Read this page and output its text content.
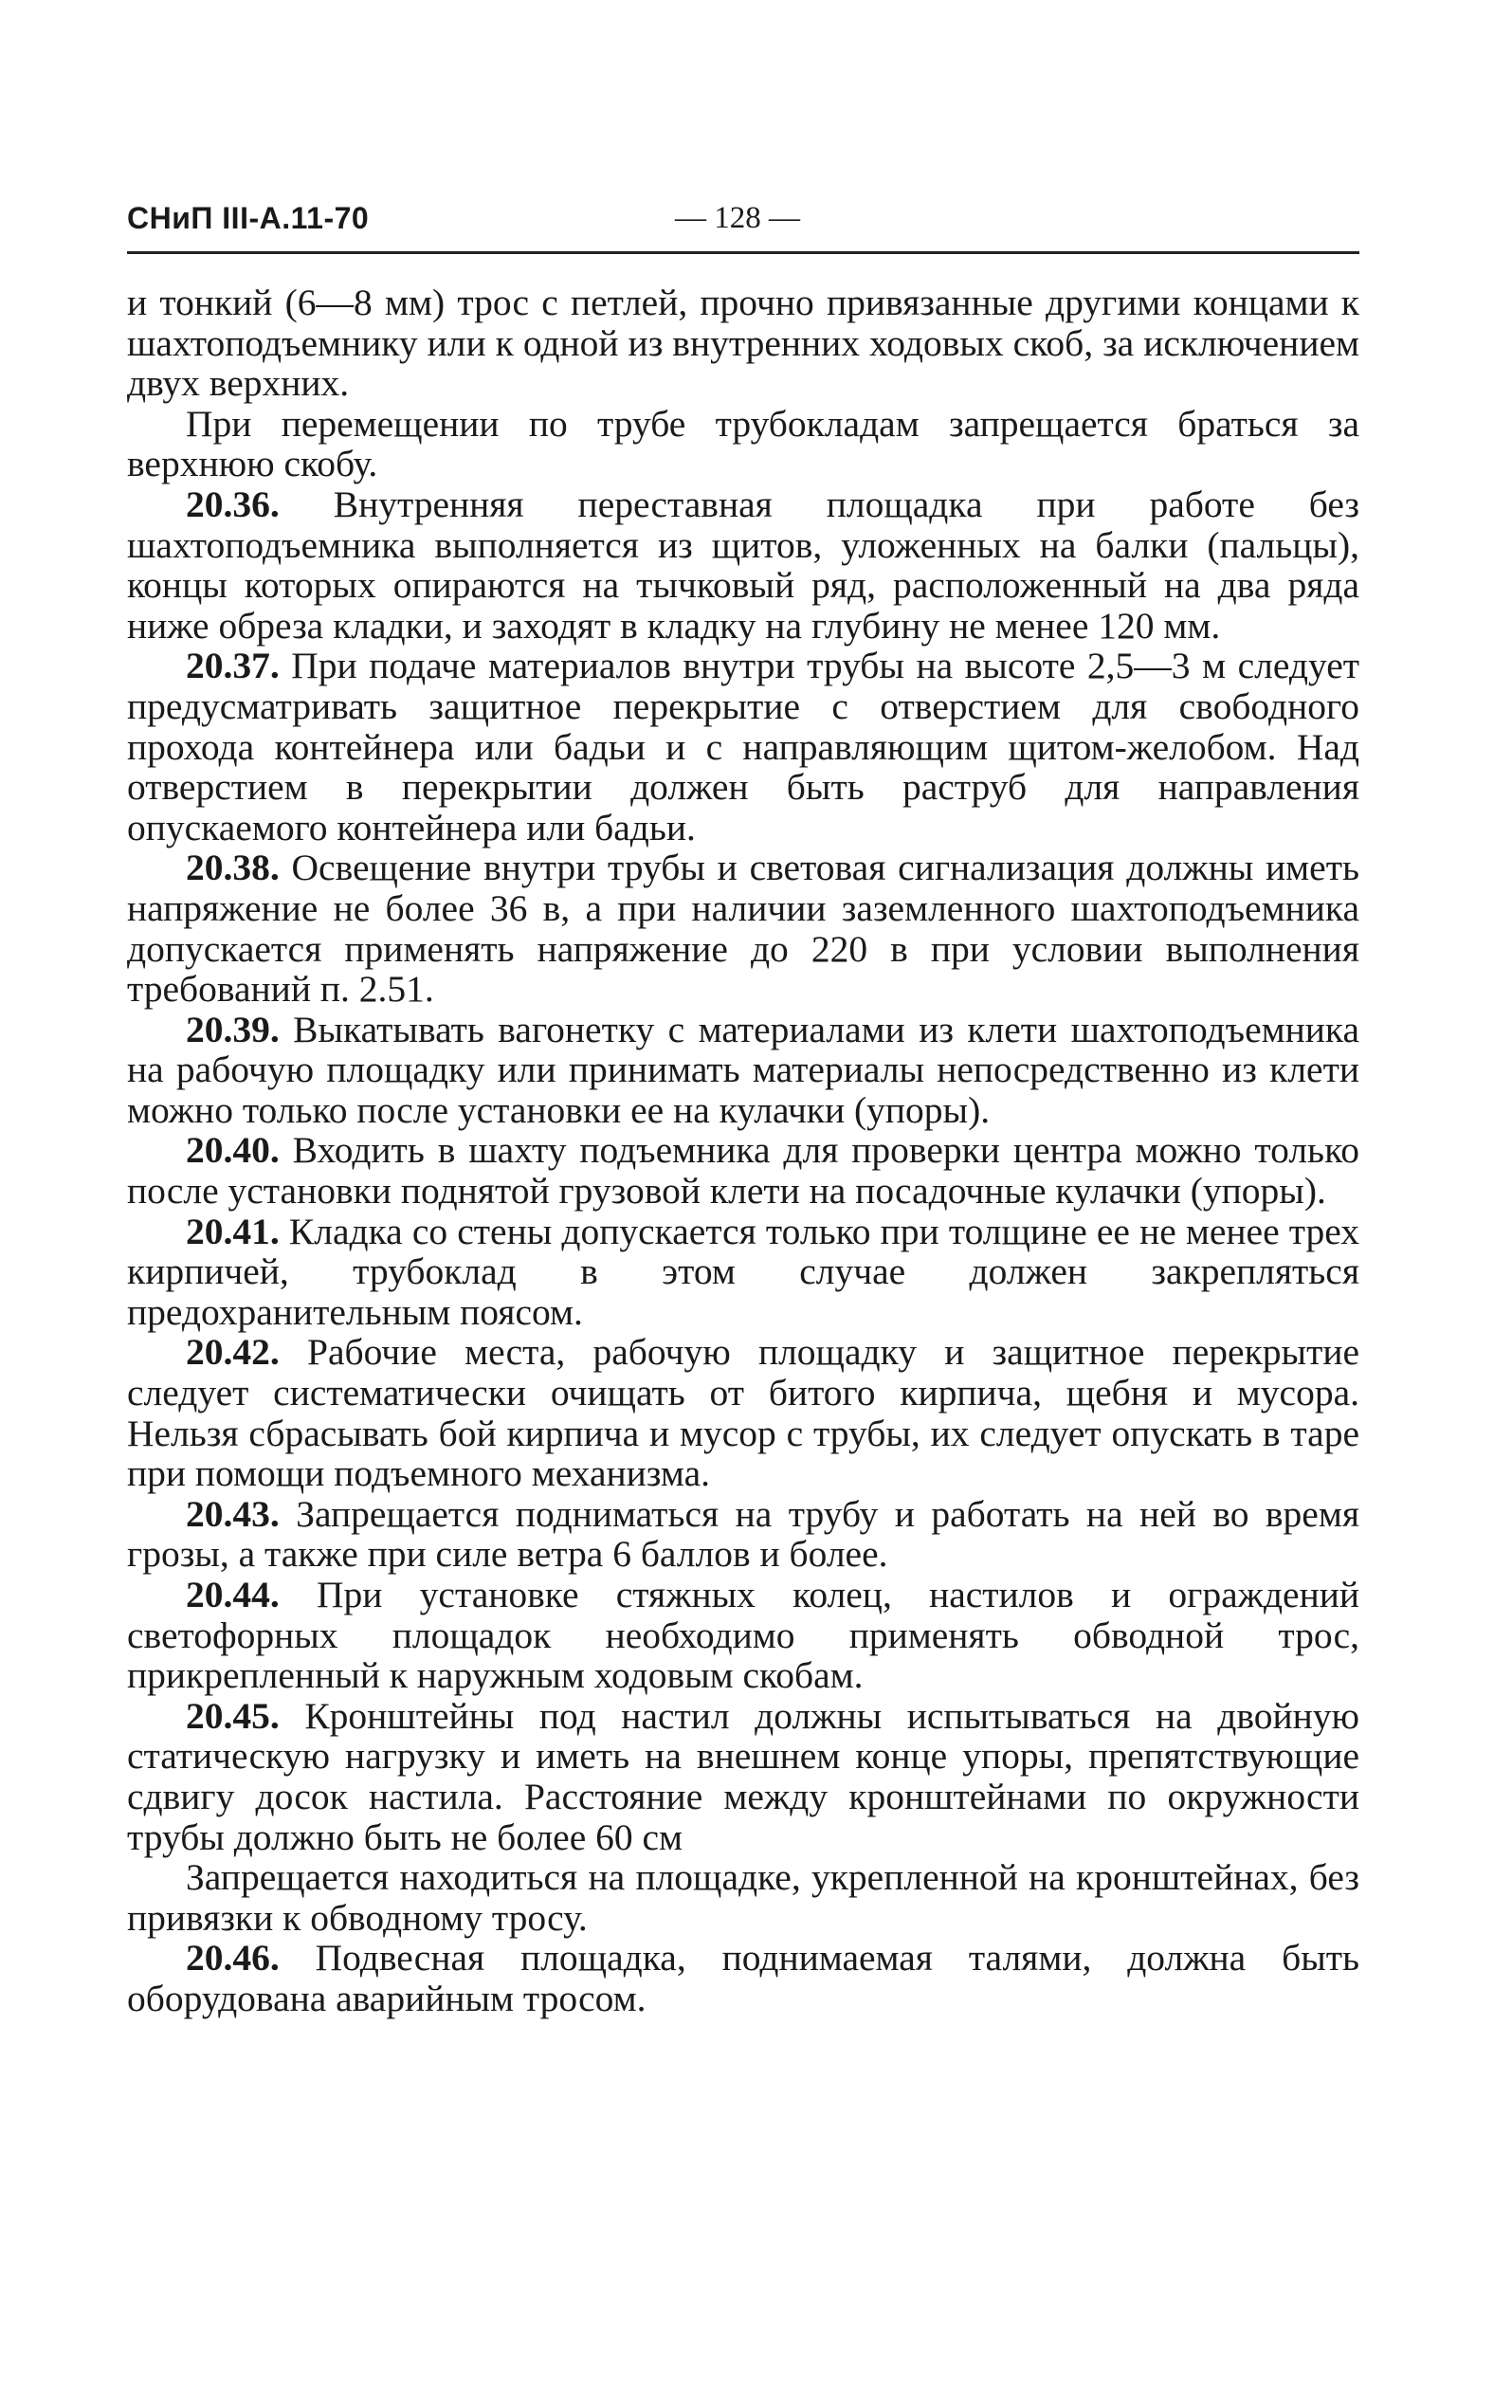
СНиП III-А.11-70	— 128 —

и тонкий (6—8 мм) трос с петлей, прочно привязанные другими концами к шахтоподъемнику или к одной из внутренних ходовых скоб, за исключением двух верхних.

При перемещении по трубе трубокладам запрещается браться за верхнюю скобу.

20.36. Внутренняя переставная площадка при работе без шахтоподъемника выполняется из щитов, уложенных на балки (пальцы), концы которых опираются на тычковый ряд, расположенный на два ряда ниже обреза кладки, и заходят в кладку на глубину не менее 120 мм.

20.37. При подаче материалов внутри трубы на высоте 2,5—3 м следует предусматривать защитное перекрытие с отверстием для свободного прохода контейнера или бадьи и с направляющим щитом-желобом. Над отверстием в перекрытии должен быть раструб для направления опускаемого контейнера или бадьи.

20.38. Освещение внутри трубы и световая сигнализация должны иметь напряжение не более 36 в, а при наличии заземленного шахтоподъемника допускается применять напряжение до 220 в при условии выполнения требований п. 2.51.

20.39. Выкатывать вагонетку с материалами из клети шахтоподъемника на рабочую площадку или принимать материалы непосредственно из клети можно только после установки ее на кулачки (упоры).

20.40. Входить в шахту подъемника для проверки центра можно только после установки поднятой грузовой клети на посадочные кулачки (упоры).

20.41. Кладка со стены допускается только при толщине ее не менее трех кирпичей, трубоклад в этом случае должен закрепляться предохранительным поясом.

20.42. Рабочие места, рабочую площадку и защитное перекрытие следует систематически очищать от битого кирпича, щебня и мусора. Нельзя сбрасывать бой кирпича и мусор с трубы, их следует опускать в таре при помощи подъемного механизма.

20.43. Запрещается подниматься на трубу и работать на ней во время грозы, а также при силе ветра 6 баллов и более.

20.44. При установке стяжных колец, настилов и ограждений светофорных площадок необходимо применять обводной трос, прикрепленный к наружным ходовым скобам.

20.45. Кронштейны под настил должны испытываться на двойную статическую нагрузку и иметь на внешнем конце упоры, препятствующие сдвигу досок настила. Расстояние между кронштейнами по окружности трубы должно быть не более 60 см

Запрещается находиться на площадке, укрепленной на кронштейнах, без привязки к обводному тросу.

20.46. Подвесная площадка, поднимаемая талями, должна быть оборудована аварийным тросом.
